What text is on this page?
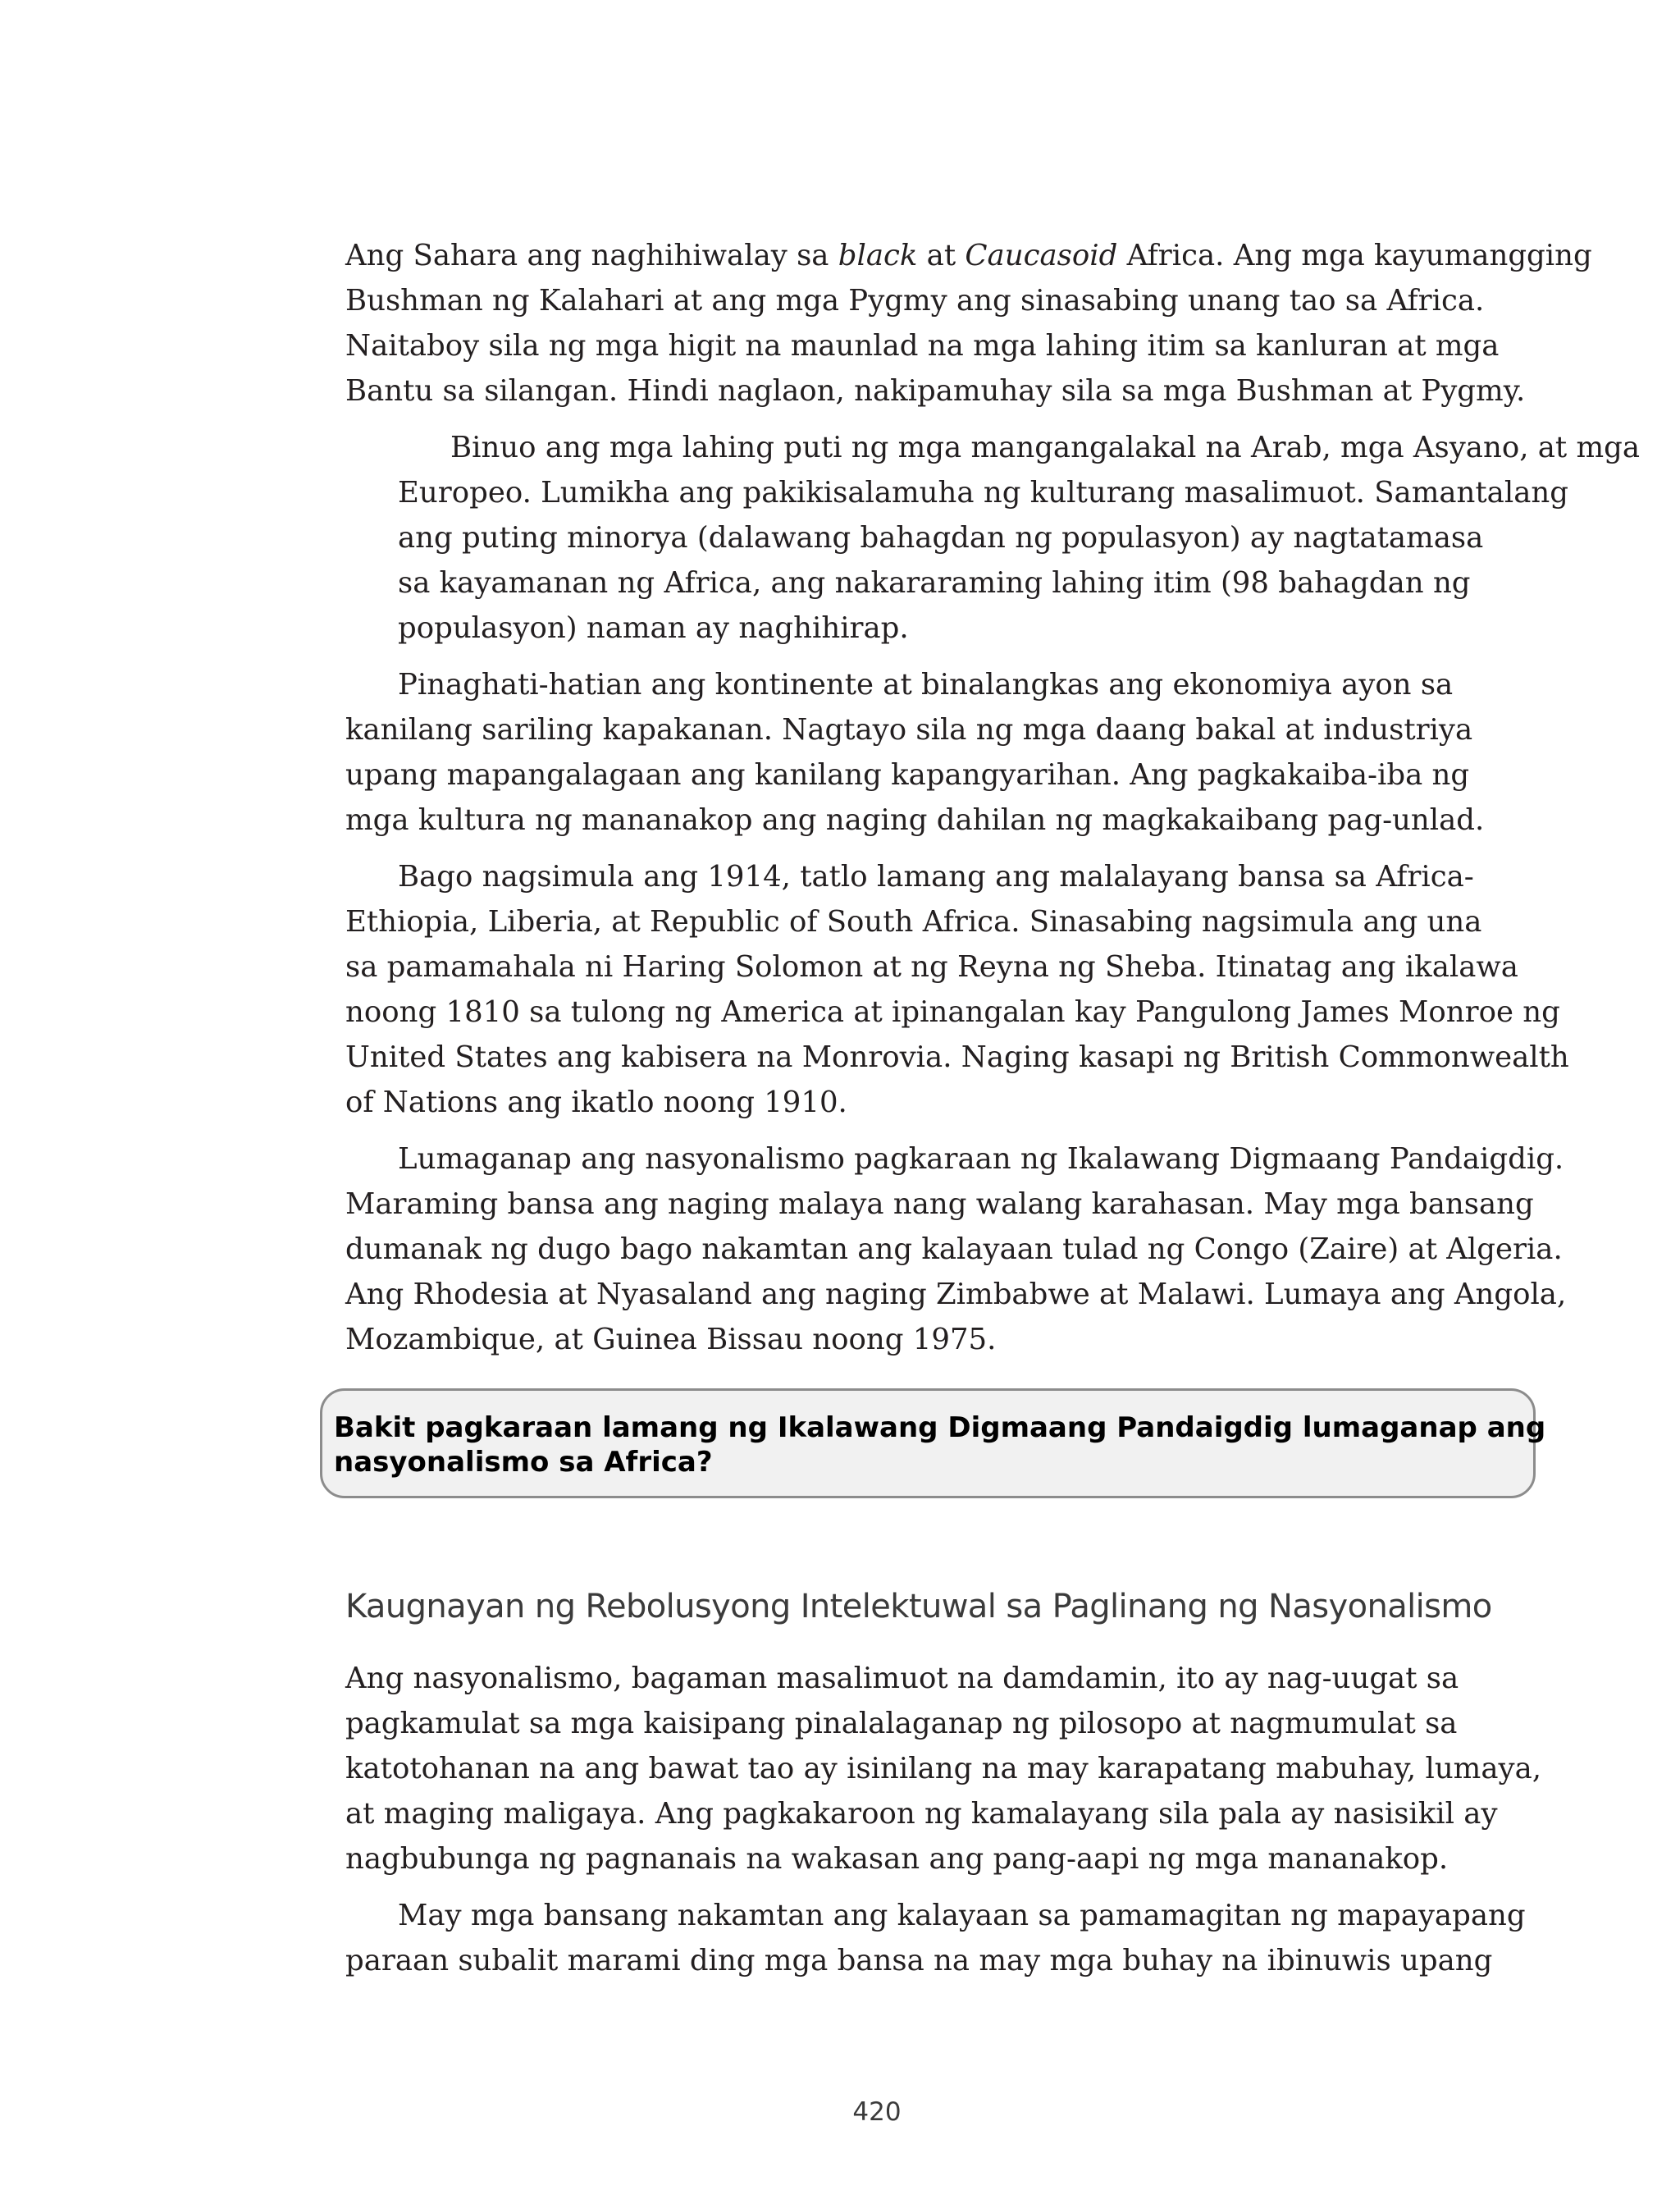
Ang Sahara ang naghihiwalay sa black at Caucasoid Africa. Ang mga kayumangging
Bushman ng Kalahari at ang mga Pygmy ang sinasabing unang tao sa Africa.
Naitaboy sila ng mga higit na maunlad na mga lahing itim sa kanluran at mga
Bantu sa silangan. Hindi naglaon, nakipamuhay sila sa mga Bushman at Pygmy.

Binuo ang mga lahing puti ng mga mangangalakal na Arab, mga Asyano, at mga
Europeo. Lumikha ang pakikisalamuha ng kulturang masalimuot. Samantalang
ang puting minorya (dalawang bahagdan ng populasyon) ay nagtatamasa
sa kayamanan ng Africa, ang nakararaming lahing itim (98 bahagdan ng
populasyon) naman ay naghihirap.

Pinaghati-hatian ang kontinente at binalangkas ang ekonomiya ayon sa
kanilang sariling kapakanan. Nagtayo sila ng mga daang bakal at industriya
upang mapangalagaan ang kanilang kapangyarihan. Ang pagkakaiba-iba ng
mga kultura ng mananakop ang naging dahilan ng magkakaibang pag-unlad.

Bago nagsimula ang 1914, tatlo lamang ang malalayang bansa sa Africa-
Ethiopia, Liberia, at Republic of South Africa. Sinasabing nagsimula ang una
sa pamamahala ni Haring Solomon at ng Reyna ng Sheba. Itinatag ang ikalawa
noong 1810 sa tulong ng America at ipinangalan kay Pangulong James Monroe ng
United States ang kabisera na Monrovia. Naging kasapi ng British Commonwealth
of Nations ang ikatlo noong 1910.

Lumaganap ang nasyonalismo pagkaraan ng Ikalawang Digmaang Pandaigdig.
Maraming bansa ang naging malaya nang walang karahasan. May mga bansang
dumanak ng dugo bago nakamtan ang kalayaan tulad ng Congo (Zaire) at Algeria.
Ang Rhodesia at Nyasaland ang naging Zimbabwe at Malawi. Lumaya ang Angola,
Mozambique, at Guinea Bissau noong 1975.

Bakit pagkaraan lamang ng Ikalawang Digmaang Pandaigdig lumaganap ang
nasyonalismo sa Africa?
Kaugnayan ng Rebolusyong Intelektuwal sa Paglinang ng Nasyonalismo

Ang nasyonalismo, bagaman masalimuot na damdamin, ito ay nag-uugat sa
pagkamulat sa mga kaisipang pinalalaganap ng pilosopo at nagmumulat sa
katotohanan na ang bawat tao ay isinilang na may karapatang mabuhay, lumaya,
at maging maligaya. Ang pagkakaroon ng kamalayang sila pala ay nasisikil ay
nagbubunga ng pagnanais na wakasan ang pang-aapi ng mga mananakop.

May mga bansang nakamtan ang kalayaan sa pamamagitan ng mapayapang
paraan subalit marami ding mga bansa na may mga buhay na ibinuwis upang

420
